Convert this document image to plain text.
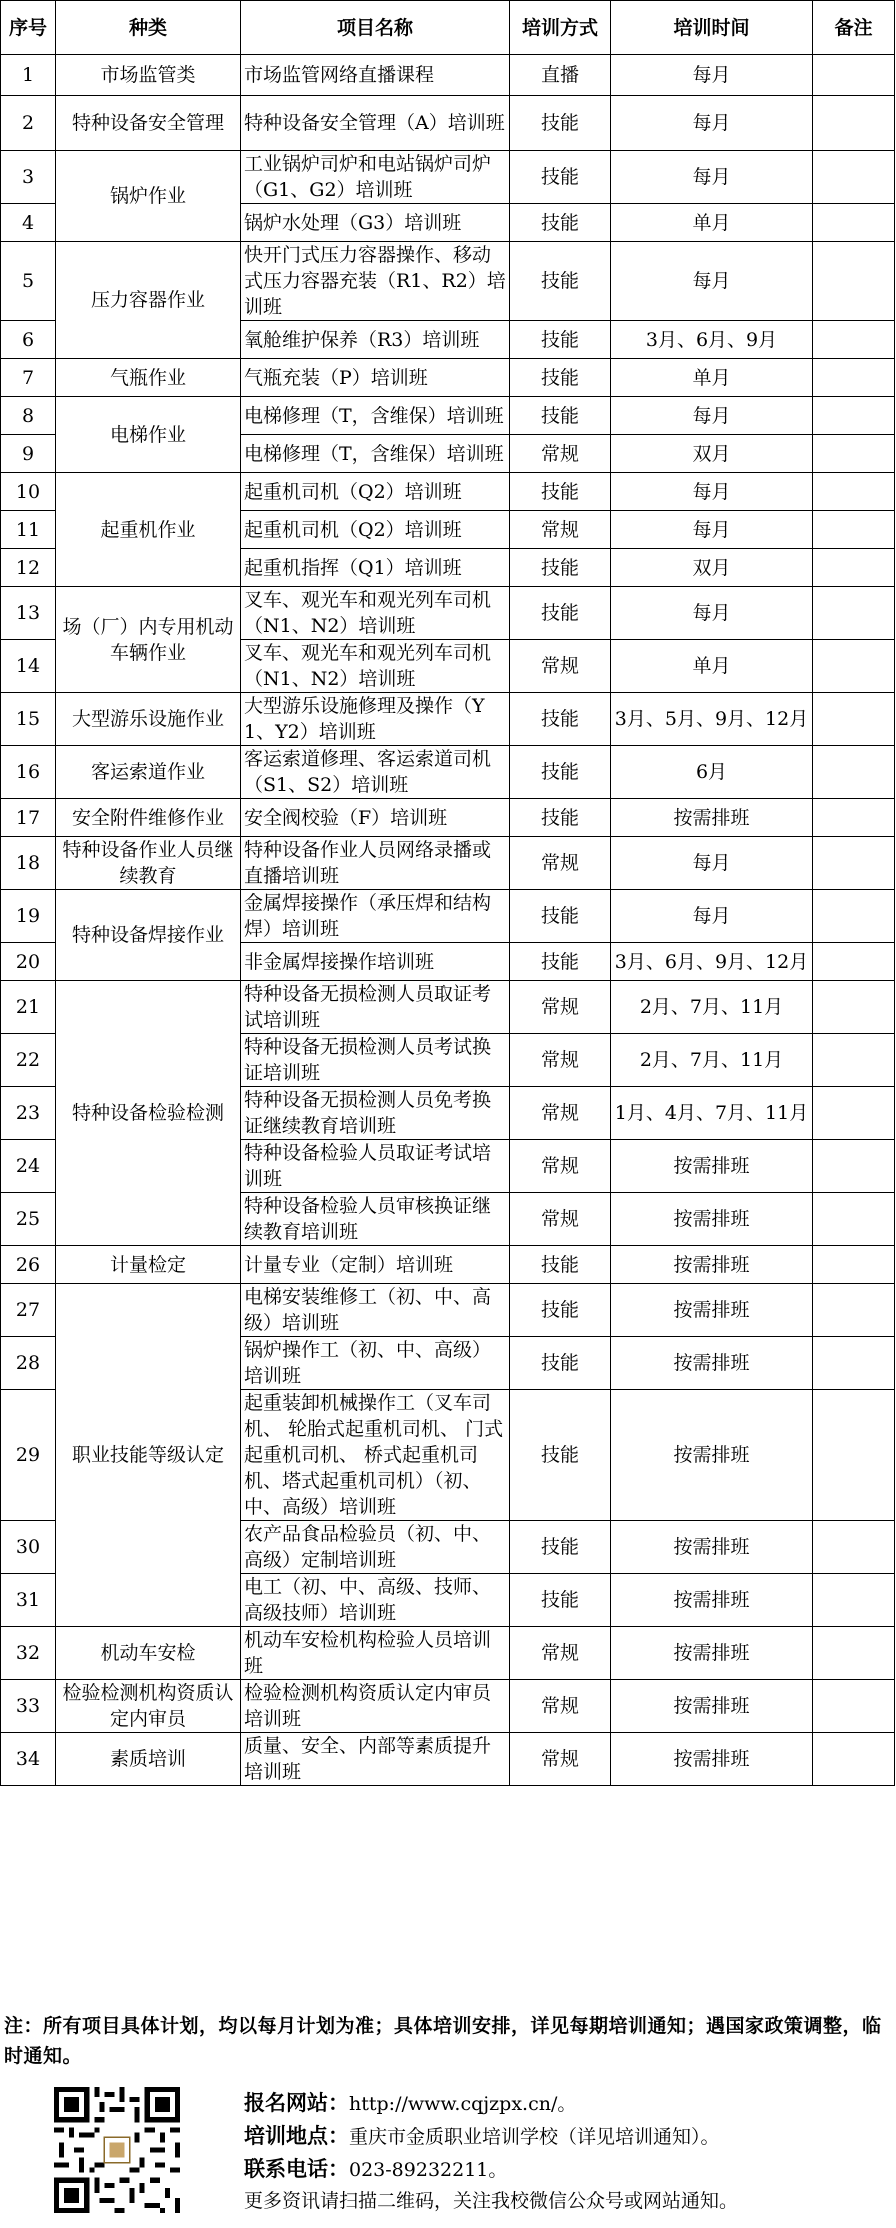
序号	种类	项目名称	培训方式	培训时间	备注
1	市场监管类	市场监管网络直播课程	直播	每月	
2	特种设备安全管理	特种设备安全管理（A）培训班	技能	每月	
3	锅炉作业	工业锅炉司炉和电站锅炉司炉（G1、G2）培训班	技能	每月	
4		锅炉水处理（G3）培训班	技能	单月	
5	压力容器作业	快开门式压力容器操作、移动式压力容器充装（R1、R2）培训班	技能	每月	
6		氧舱维护保养（R3）培训班	技能	3月、6月、9月	
7	气瓶作业	气瓶充装（P）培训班	技能	单月	
8	电梯作业	电梯修理（T，含维保）培训班	技能	每月	
9		电梯修理（T，含维保）培训班	常规	双月	
10	起重机作业	起重机司机（Q2）培训班	技能	每月	
11		起重机司机（Q2）培训班	常规	每月	
12		起重机指挥（Q1）培训班	技能	双月	
13	场（厂）内专用机动车辆作业	叉车、观光车和观光列车司机（N1、N2）培训班	技能	每月	
14		叉车、观光车和观光列车司机（N1、N2）培训班	常规	单月	
15	大型游乐设施作业	大型游乐设施修理及操作（Y1、Y2）培训班	技能	3月、5月、9月、12月	
16	客运索道作业	客运索道修理、客运索道司机（S1、S2）培训班	技能	6月	
17	安全附件维修作业	安全阀校验（F）培训班	技能	按需排班	
18	特种设备作业人员继续教育	特种设备作业人员网络录播或直播培训班	常规	每月	
19	特种设备焊接作业	金属焊接操作（承压焊和结构焊）培训班	技能	每月	
20		非金属焊接操作培训班	技能	3月、6月、9月、12月	
21	特种设备检验检测	特种设备无损检测人员取证考试培训班	常规	2月、7月、11月	
22		特种设备无损检测人员考试换证培训班	常规	2月、7月、11月	
23		特种设备无损检测人员免考换证继续教育培训班	常规	1月、4月、7月、11月	
24		特种设备检验人员取证考试培训班	常规	按需排班	
25		特种设备检验人员审核换证继续教育培训班	常规	按需排班	
26	计量检定	计量专业（定制）培训班	技能	按需排班	
27	职业技能等级认定	电梯安装维修工（初、中、高级）培训班	技能	按需排班	
28		锅炉操作工（初、中、高级）培训班	技能	按需排班	
29		起重装卸机械操作工（叉车司机、 轮胎式起重机司机、 门式起重机司机、 桥式起重机司机、塔式起重机司机）（初、中、高级）培训班	技能	按需排班	
30		农产品食品检验员（初、中、高级）定制培训班	技能	按需排班	
31		电工（初、中、高级、技师、高级技师）培训班	技能	按需排班	
32	机动车安检	机动车安检机构检验人员培训班	常规	按需排班	
33	检验检测机构资质认定内审员	检验检测机构资质认定内审员培训班	常规	按需排班	
34	素质培训	质量、安全、内部等素质提升培训班	常规	按需排班	
注：所有项目具体计划，均以每月计划为准；具体培训安排，详见每期培训通知；遇国家政策调整，临时通知。
报名网站：http://www.cqjzpx.cn/。
培训地点：重庆市金质职业培训学校（详见培训通知）。
联系电话：023-89232211。
更多资讯请扫描二维码，关注我校微信公众号或网站通知。
